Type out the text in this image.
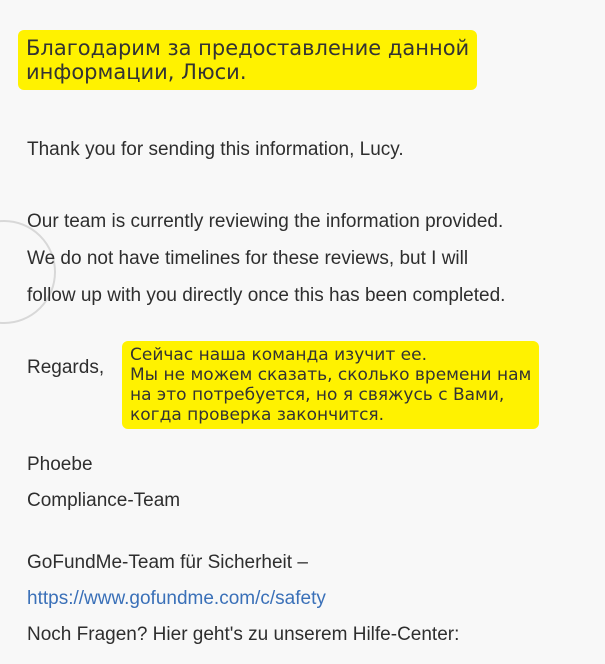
Благодарим за предоставление данной
информации, Люси.
Thank you for sending this information, Lucy.
Our team is currently reviewing the information provided.
We do not have timelines for these reviews, but I will
follow up with you directly once this has been completed.
Regards,
Phoebe
Compliance-Team
GoFundMe-Team für Sicherheit –
https://www.gofundme.com/c/safety
Noch Fragen? Hier geht's zu unserem Hilfe-Center:
Сейчас наша команда изучит ее.
Мы не можем сказать, сколько времени нам
на это потребуется, но я свяжусь с Вами,
когда проверка закончится.
